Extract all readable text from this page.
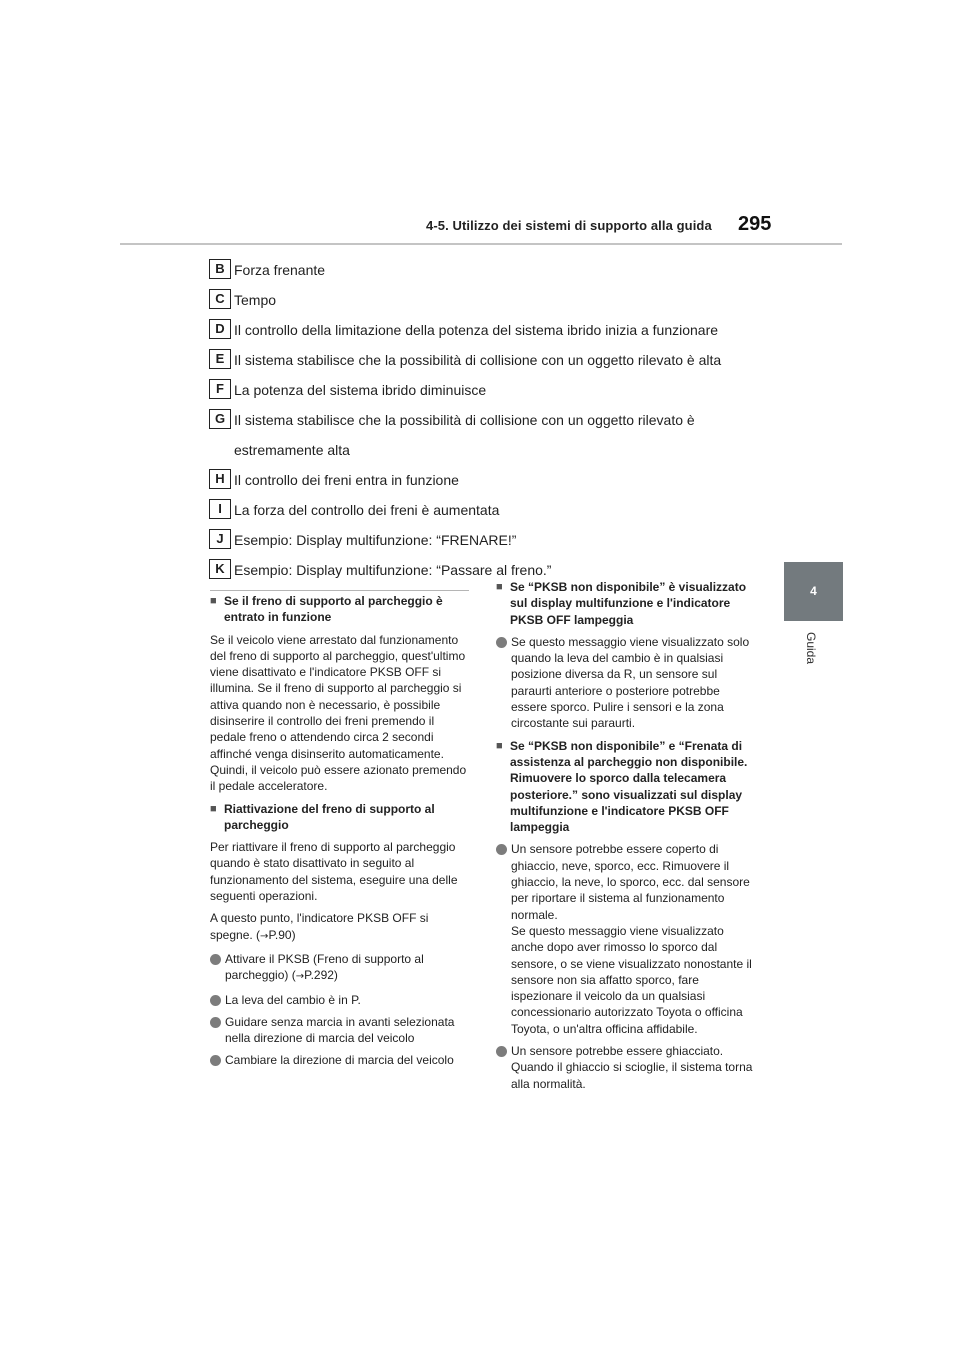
4-5. Utilizzo dei sistemi di supporto alla guida 295
4
Guida
B Forza frenante
C Tempo
D Il controllo della limitazione della potenza del sistema ibrido inizia a funzionare
E Il sistema stabilisce che la possibilità di collisione con un oggetto rilevato è alta
F La potenza del sistema ibrido diminuisce
G Il sistema stabilisce che la possibilità di collisione con un oggetto rilevato è estremamente alta
H Il controllo dei freni entra in funzione
I La forza del controllo dei freni è aumentata
J Esempio: Display multifunzione: “FRENARE!”
K Esempio: Display multifunzione: “Passare al freno.”
■ Se il freno di supporto al parcheggio è entrato in funzione
Se il veicolo viene arrestato dal funzionamento del freno di supporto al parcheggio, quest'ultimo viene disattivato e l'indicatore PKSB OFF si illumina. Se il freno di supporto al parcheggio si attiva quando non è necessario, è possibile disinserire il controllo dei freni premendo il pedale freno o attendendo circa 2 secondi affinché venga disinserito automaticamente. Quindi, il veicolo può essere azionato premendo il pedale acceleratore.
■ Riattivazione del freno di supporto al parcheggio
Per riattivare il freno di supporto al parcheggio quando è stato disattivato in seguito al funzionamento del sistema, eseguire una delle seguenti operazioni.
A questo punto, l'indicatore PKSB OFF si spegne. (→P.90)
Attivare il PKSB (Freno di supporto al parcheggio) (→P.292)
La leva del cambio è in P.
Guidare senza marcia in avanti selezionata nella direzione di marcia del veicolo
Cambiare la direzione di marcia del veicolo
■ Se “PKSB non disponibile” è visualizzato sul display multifunzione e l'indicatore PKSB OFF lampeggia
Se questo messaggio viene visualizzato solo quando la leva del cambio è in qualsiasi posizione diversa da R, un sensore sul paraurti anteriore o posteriore potrebbe essere sporco. Pulire i sensori e la zona circostante sui paraurti.
■ Se “PKSB non disponibile” e “Frenata di assistenza al parcheggio non disponibile. Rimuovere lo sporco dalla telecamera posteriore.” sono visualizzati sul display multifunzione e l'indicatore PKSB OFF lampeggia
Un sensore potrebbe essere coperto di ghiaccio, neve, sporco, ecc. Rimuovere il ghiaccio, la neve, lo sporco, ecc. dal sensore per riportare il sistema al funzionamento normale.
Se questo messaggio viene visualizzato anche dopo aver rimosso lo sporco dal sensore, o se viene visualizzato nonostante il sensore non sia affatto sporco, fare ispezionare il veicolo da un qualsiasi concessionario autorizzato Toyota o officina Toyota, o un'altra officina affidabile.
Un sensore potrebbe essere ghiacciato. Quando il ghiaccio si scioglie, il sistema torna alla normalità.
